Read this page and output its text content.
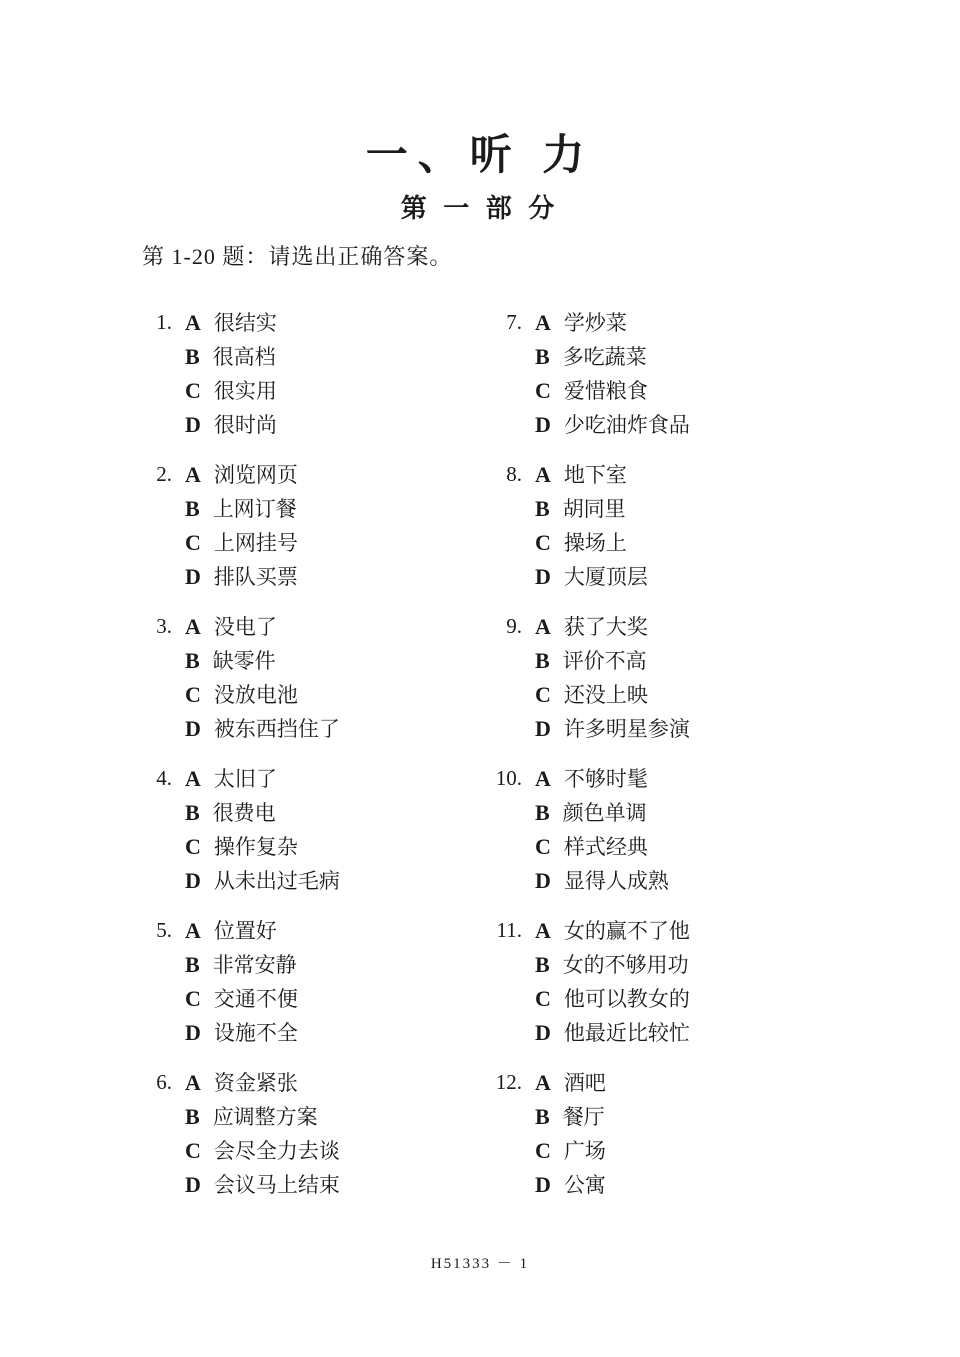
一、听 力
第 一 部 分

第 1-20 题：请选出正确答案。

1. A 很结实
B 很高档
C 很实用
D 很时尚
2. A 浏览网页
B 上网订餐
C 上网挂号
D 排队买票
3. A 没电了
B 缺零件
C 没放电池
D 被东西挡住了
4. A 太旧了
B 很费电
C 操作复杂
D 从未出过毛病
5. A 位置好
B 非常安静
C 交通不便
D 设施不全
6. A 资金紧张
B 应调整方案
C 会尽全力去谈
D 会议马上结束
7. A 学炒菜
B 多吃蔬菜
C 爱惜粮食
D 少吃油炸食品
8. A 地下室
B 胡同里
C 操场上
D 大厦顶层
9. A 获了大奖
B 评价不高
C 还没上映
D 许多明星参演
10. A 不够时髦
B 颜色单调
C 样式经典
D 显得人成熟
11. A 女的赢不了他
B 女的不够用功
C 他可以教女的
D 他最近比较忙
12. A 酒吧
B 餐厅
C 广场
D 公寓
H51333 － 1
